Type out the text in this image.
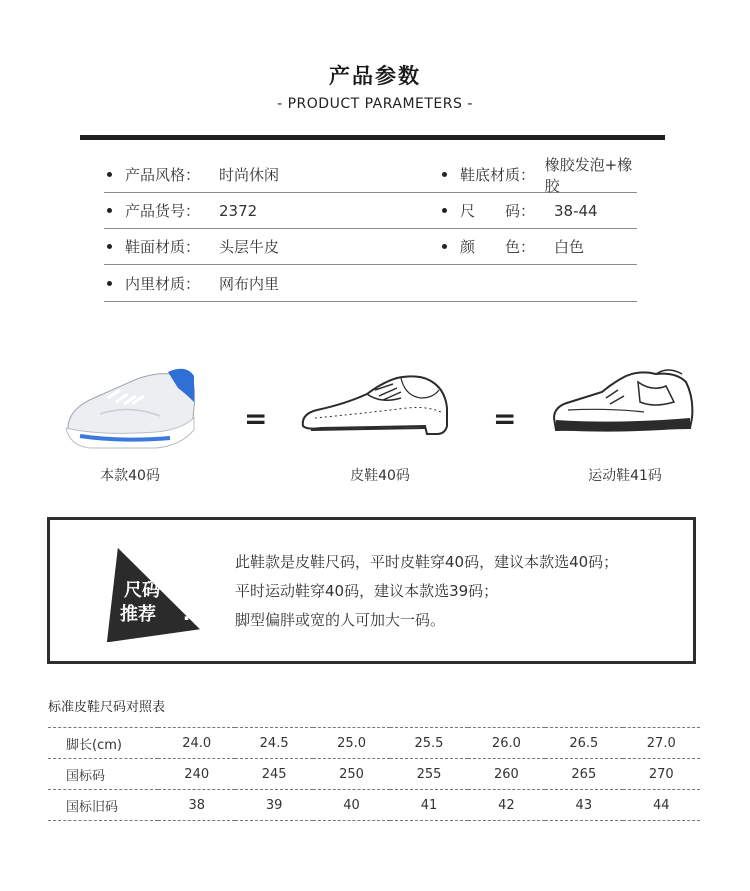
产品参数
- PRODUCT PARAMETERS -
产品风格：	时尚休闲	鞋底材质：
橡胶发泡+橡胶
产品货号：	2372	尺　　码：	38-44
鞋面材质：	头层牛皮	颜　　色：	白色
内里材质：	网布内里
本款40码
=
皮鞋40码
=
运动鞋41码
尺码
推荐 !
此鞋款是皮鞋尺码，平时皮鞋穿40码，建议本款选40码；
平时运动鞋穿40码，建议本款选39码；
脚型偏胖或宽的人可加大一码。
标准皮鞋尺码对照表
脚长(cm)	24.0	24.5	25.0	25.5	26.0	26.5	27.0
国标码	240	245	250	255	260	265	270
国标旧码	38	39	40	41	42	43	44
